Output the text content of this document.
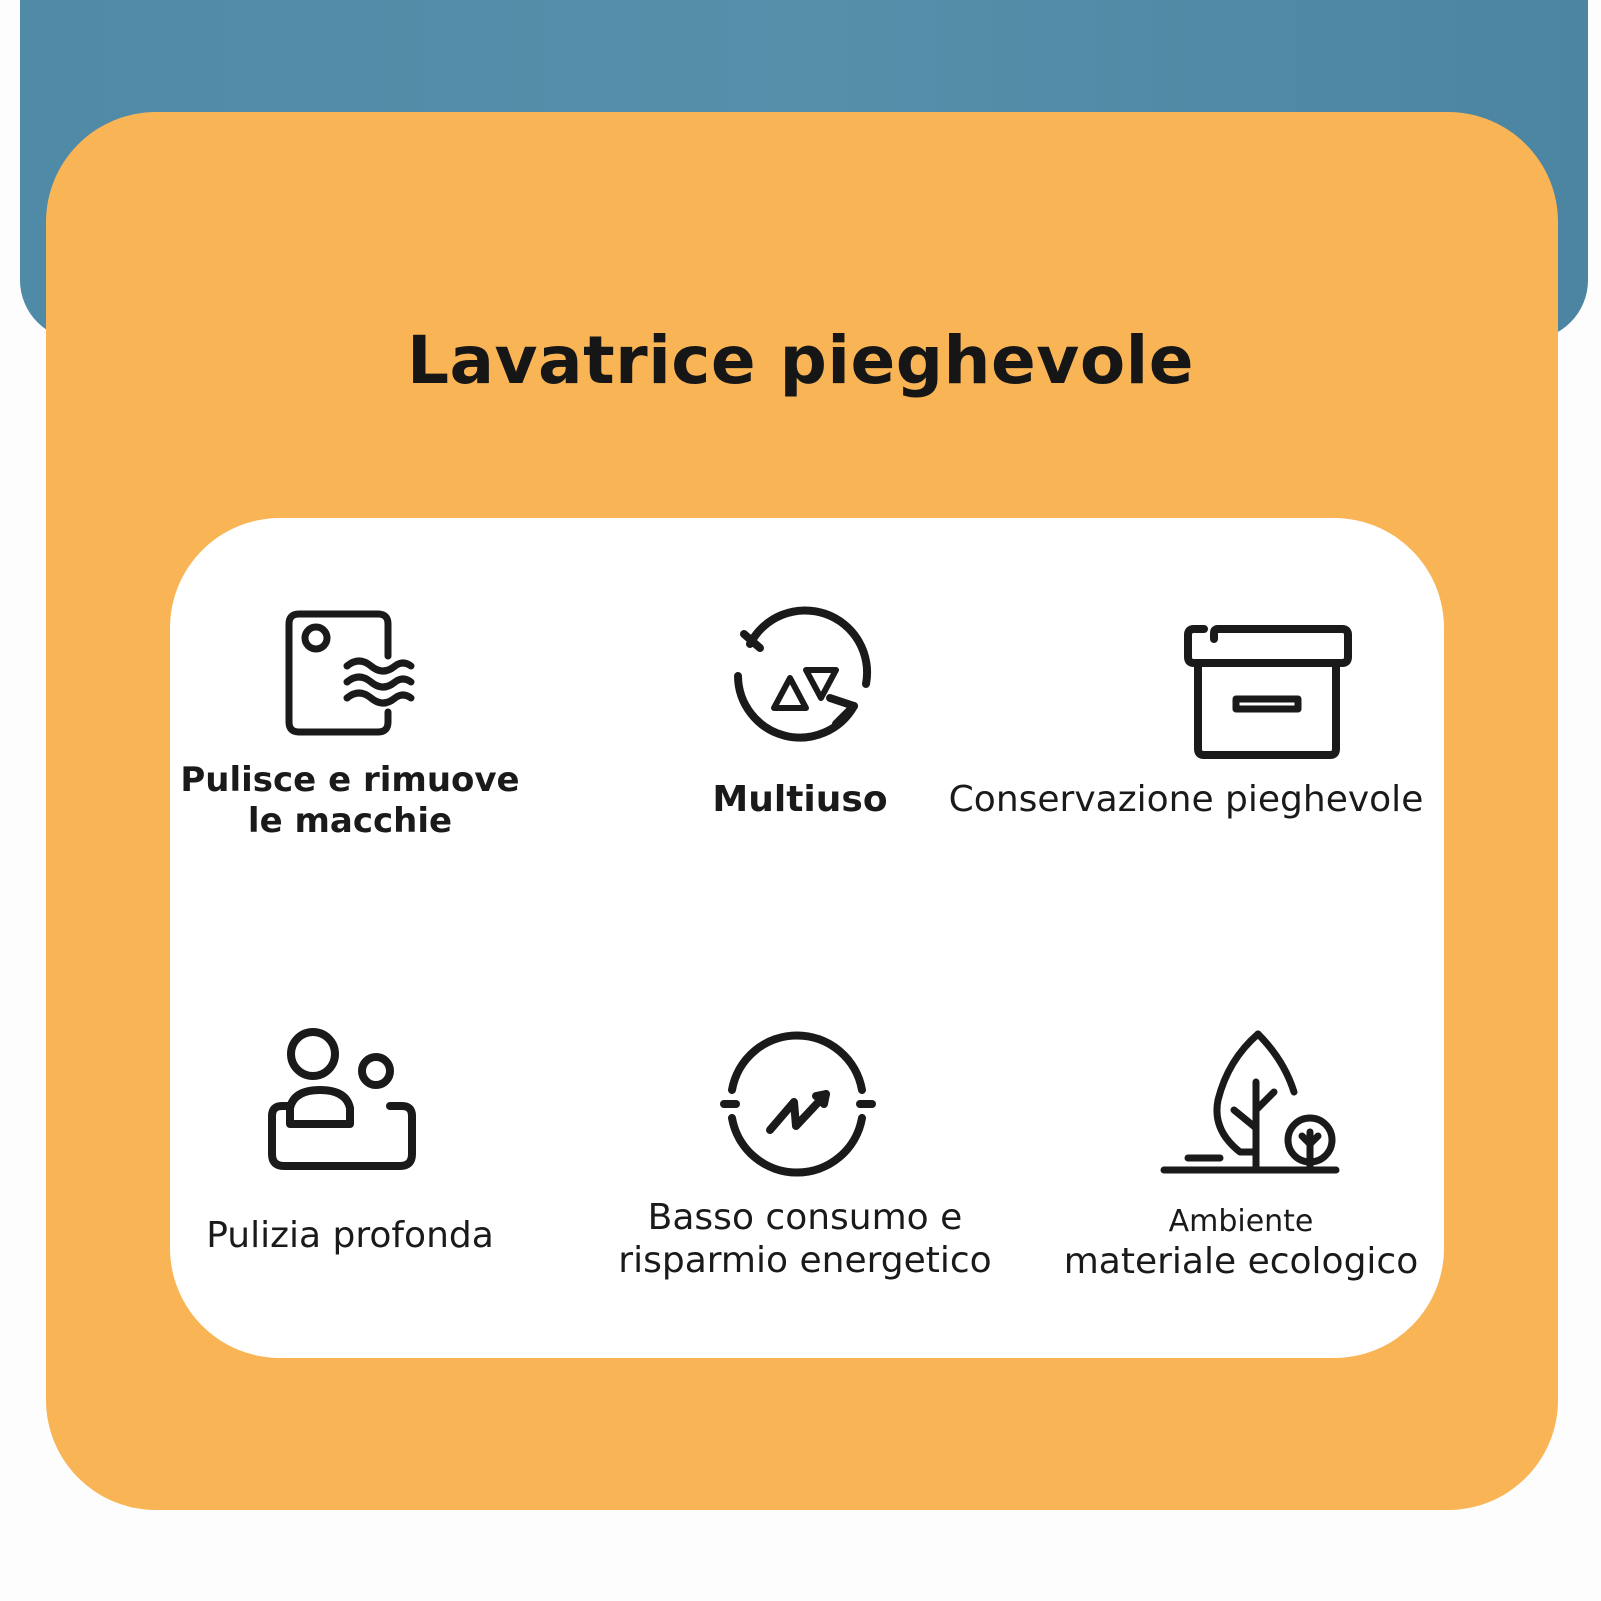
Lavatrice pieghevole
Pulisce e rimuove
le macchie
Multiuso	Conservazione pieghevole
Pulizia profonda	Basso consumo e
risparmio energetico
Ambiente
materiale ecologico
